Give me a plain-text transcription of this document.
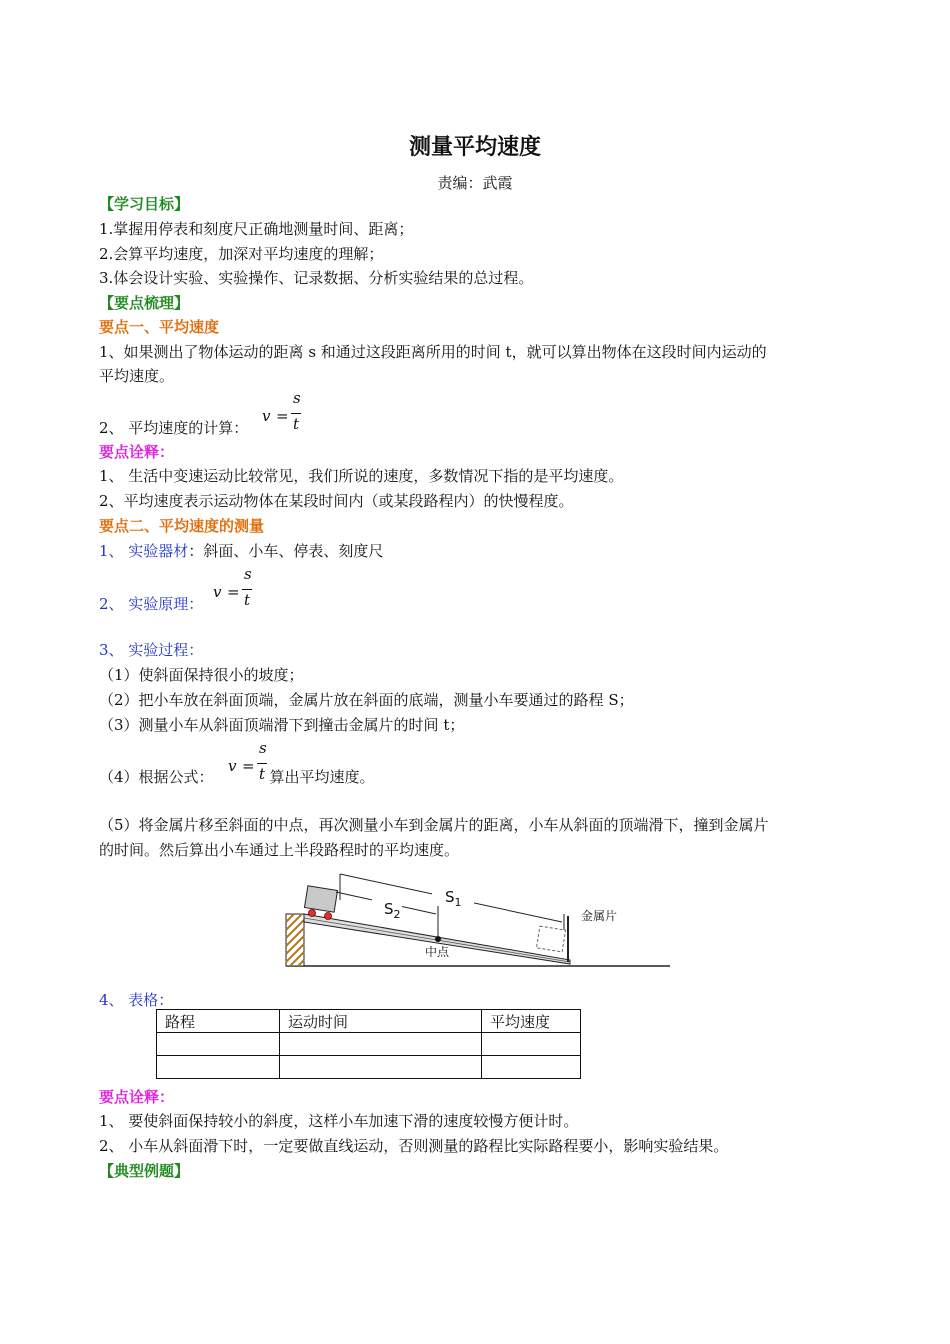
测量平均速度
责编：武霞
【学习目标】
1.掌握用停表和刻度尺正确地测量时间、距离；
2.会算平均速度，加深对平均速度的理解；
3.体会设计实验、实验操作、记录数据、分析实验结果的总过程。
【要点梳理】
要点一、平均速度
1、如果测出了物体运动的距离 s 和通过这段距离所用的时间 t，就可以算出物体在这段时间内运动的
平均速度。
2、 平均速度的计算：
v =
s
t
要点诠释：
1、 生活中变速运动比较常见，我们所说的速度，多数情况下指的是平均速度。
2、平均速度表示运动物体在某段时间内（或某段路程内）的快慢程度。
要点二、平均速度的测量
1、 实验器材：斜面、小车、停表、刻度尺
2、 实验原理：
v =
s
t
3、 实验过程：
（1）使斜面保持很小的坡度；
（2）把小车放在斜面顶端，金属片放在斜面的底端，测量小车要通过的路程 S；
（3）测量小车从斜面顶端滑下到撞击金属片的时间 t；
（4）根据公式：	算出平均速度。
v =
s
t
（5）将金属片移至斜面的中点，再次测量小车到金属片的距离，小车从斜面的顶端滑下，撞到金属片
的时间。然后算出小车通过上半段路程时的平均速度。
$S_1$
$S_2$
中点
金属片
4、 表格：
路程	运动时间	平均速度

要点诠释：
1、 要使斜面保持较小的斜度，这样小车加速下滑的速度较慢方便计时。
2、 小车从斜面滑下时，一定要做直线运动，否则测量的路程比实际路程要小，影响实验结果。
【典型例题】
